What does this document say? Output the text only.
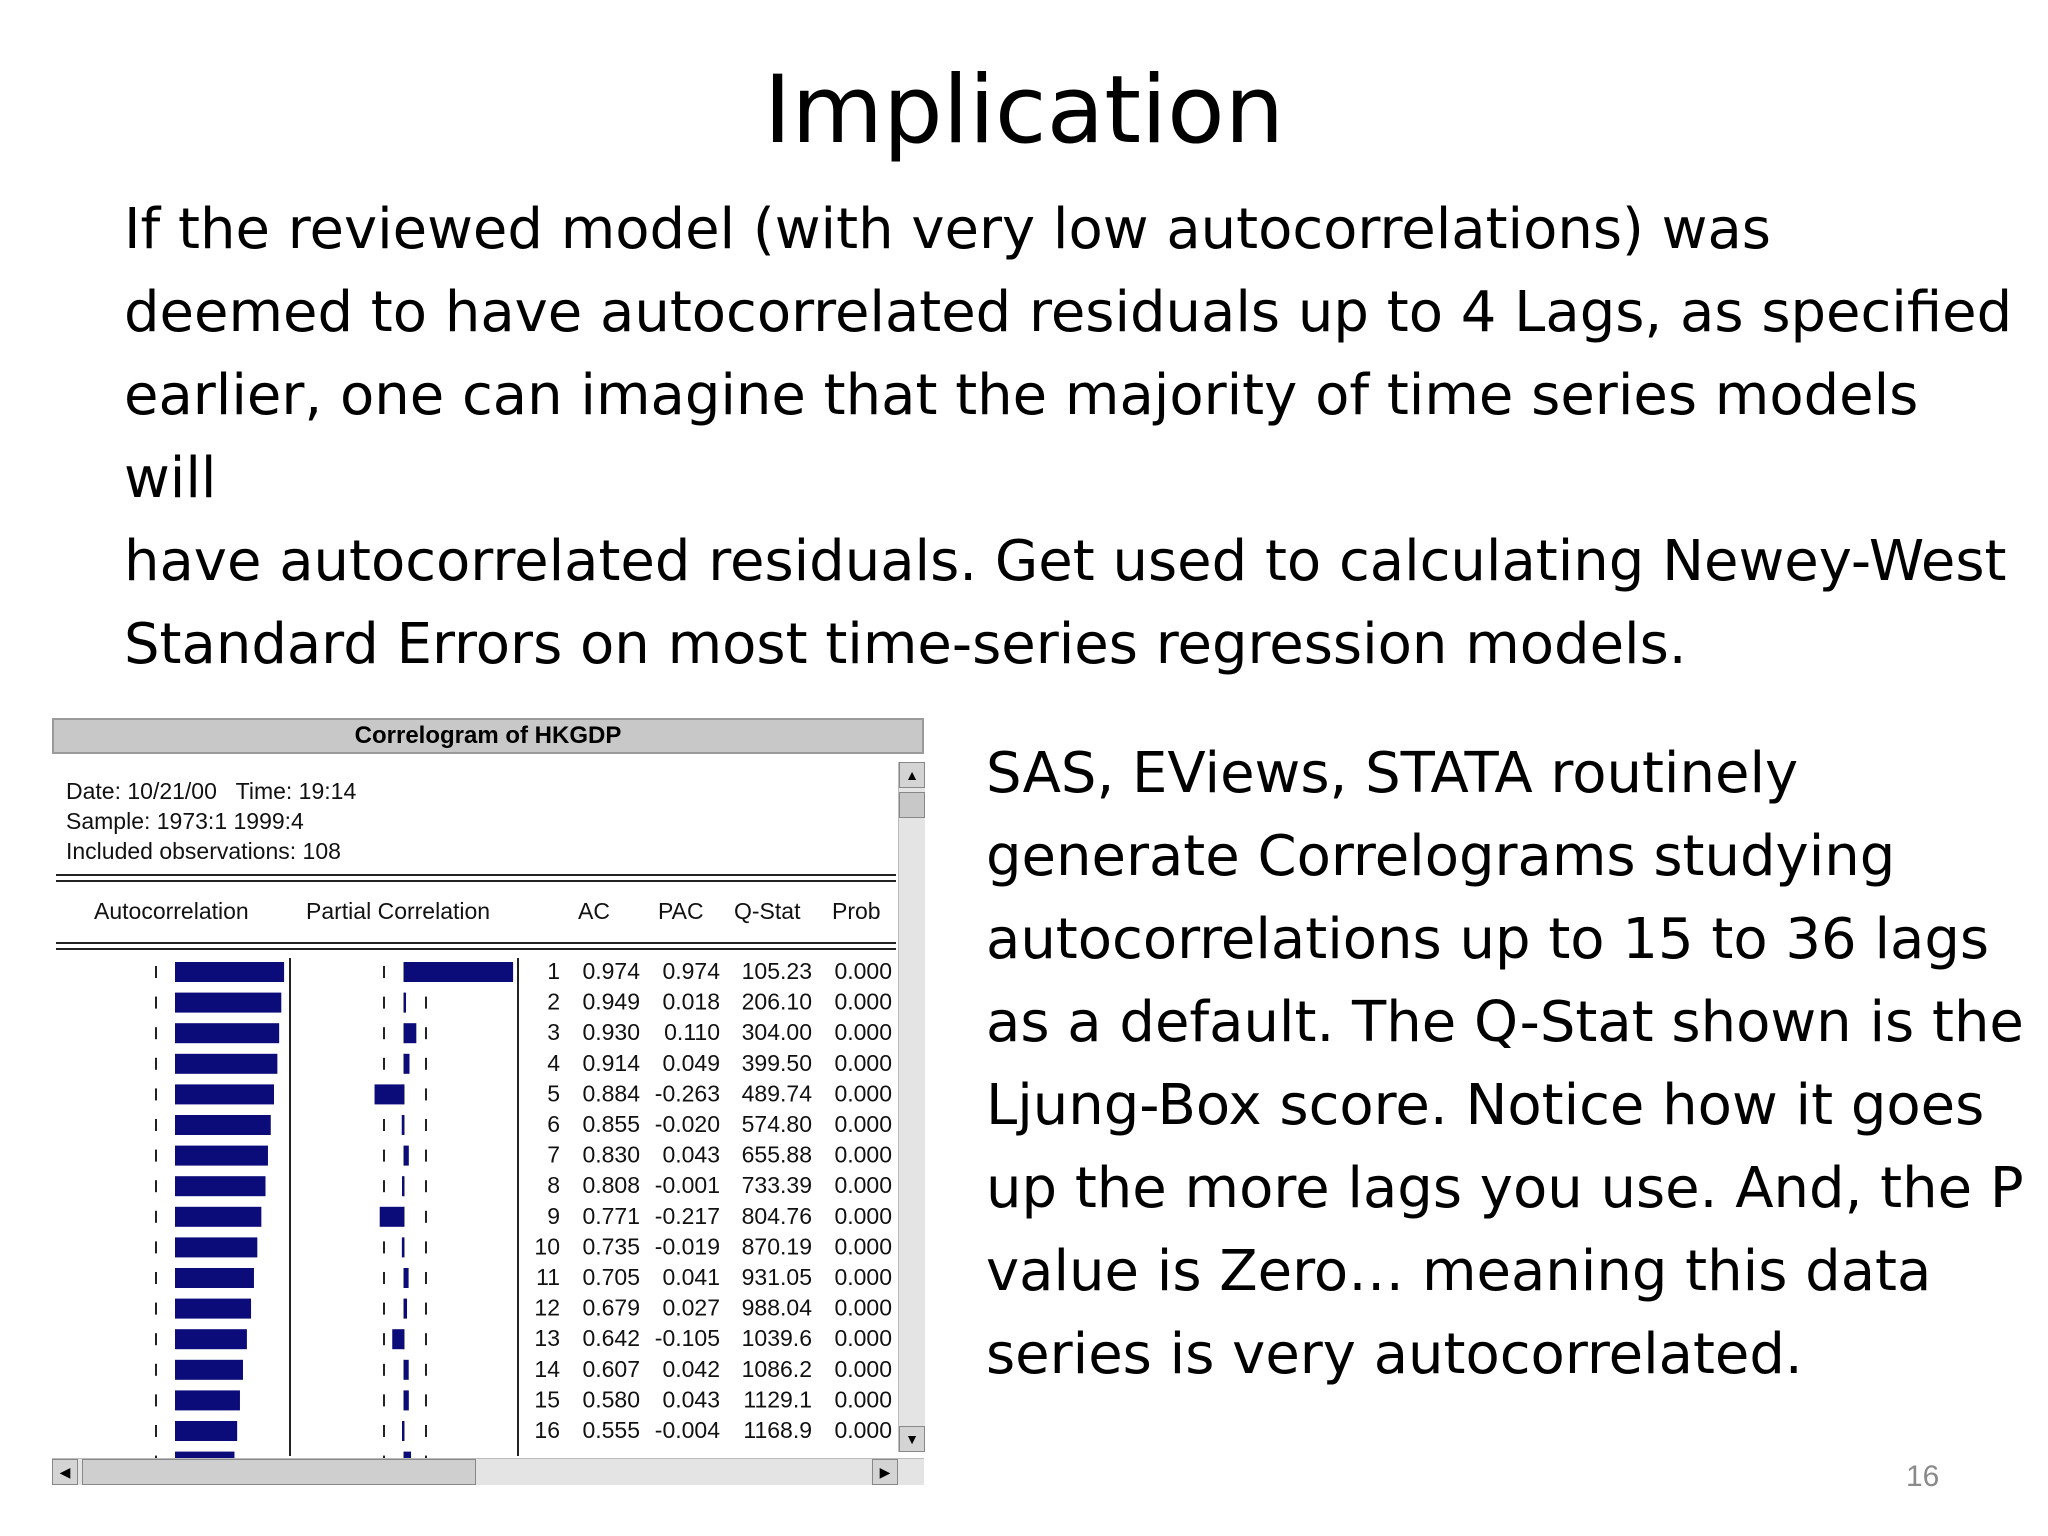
Implication
If the reviewed model (with very low autocorrelations) was
deemed to have autocorrelated residuals up to 4 Lags, as specified
earlier, one can imagine that the majority of time series models will
have autocorrelated residuals. Get used to calculating Newey-West
Standard Errors on most time-series regression models.
SAS, EViews, STATA routinely
generate Correlograms studying
autocorrelations up to 15 to 36 lags
as a default. The Q-Stat shown is the
Ljung-Box score. Notice how it goes
up the more lags you use. And, the P
value is Zero… meaning this data
series is very autocorrelated.
16
Correlogram of HKGDP
Date: 10/21/00   Time: 19:14
Sample: 1973:1 1999:4
Included observations: 108
Autocorrelation Partial Correlation	AC PAC Q-Stat Prob
1 0.974 0.974 105.23 0.000
2 0.949 0.018 206.10 0.000
3 0.930 0.110 304.00 0.000
4 0.914 0.049 399.50 0.000
5 0.884 -0.263 489.74 0.000
6 0.855 -0.020 574.80 0.000
7 0.830 0.043 655.88 0.000
8 0.808 -0.001 733.39 0.000
9 0.771 -0.217 804.76 0.000
10 0.735 -0.019 870.19 0.000
11 0.705 0.041 931.05 0.000
12 0.679 0.027 988.04 0.000
13 0.642 -0.105 1039.6 0.000
14 0.607 0.042 1086.2 0.000
15 0.580 0.043 1129.1 0.000
16 0.555 -0.004 1168.9 0.000
▲
▼
◀	▶
